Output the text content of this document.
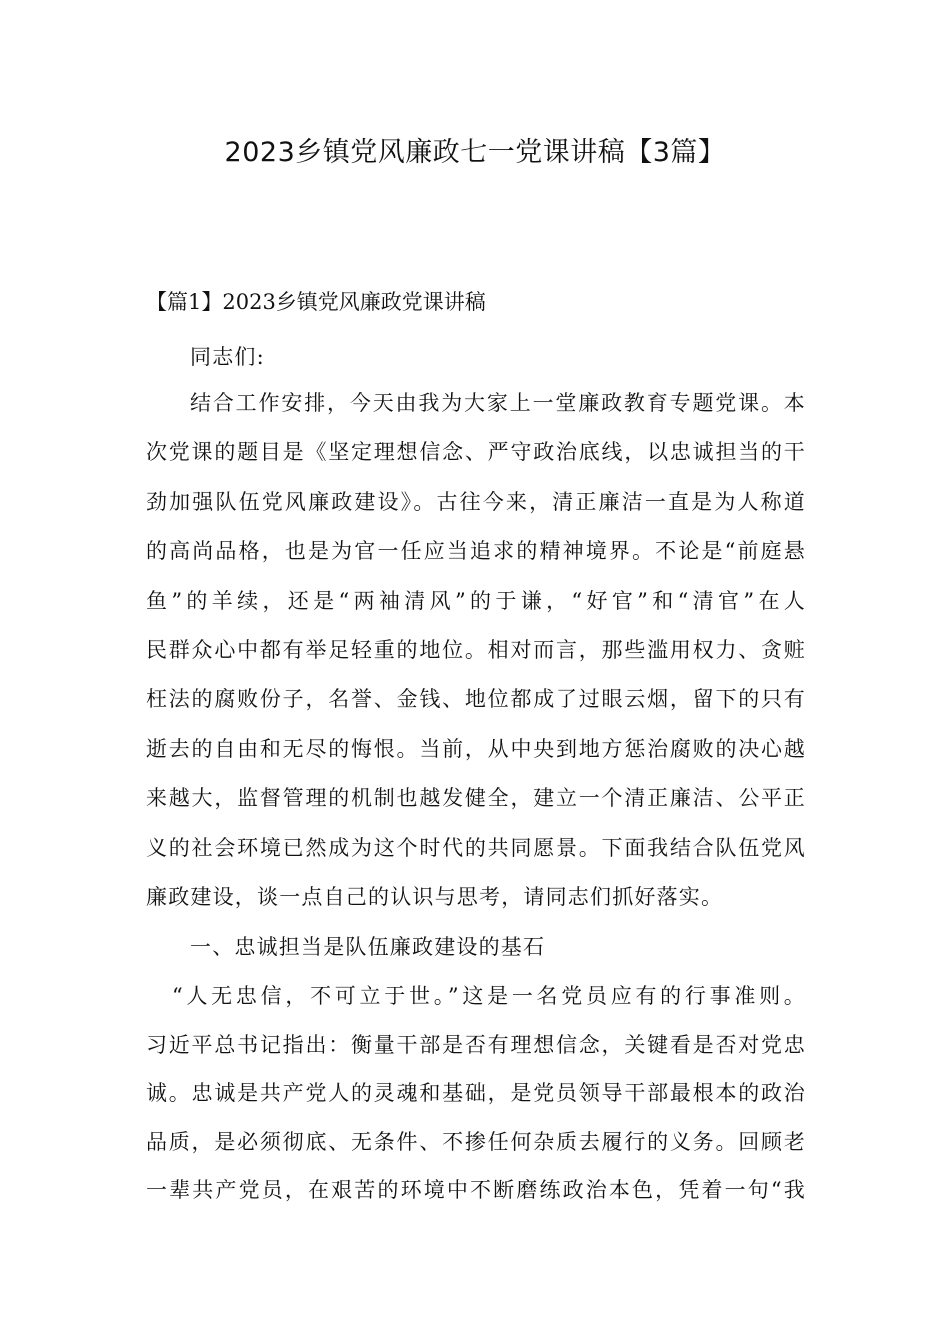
2023乡镇党风廉政七一党课讲稿【3篇】
【篇1】2023乡镇党风廉政党课讲稿
同志们:
结合工作安排，今天由我为大家上一堂廉政教育专题党课。本
次党课的题目是《坚定理想信念、严守政治底线，以忠诚担当的干
劲加强队伍党风廉政建设》。古往今来，清正廉洁一直是为人称道
的高尚品格，也是为官一任应当追求的精神境界。不论是“前庭悬
鱼”的羊续，还是“两袖清风”的于谦，“好官”和“清官”在人
民群众心中都有举足轻重的地位。相对而言，那些滥用权力、贪赃
枉法的腐败份子，名誉、金钱、地位都成了过眼云烟，留下的只有
逝去的自由和无尽的悔恨。当前，从中央到地方惩治腐败的决心越
来越大，监督管理的机制也越发健全，建立一个清正廉洁、公平正
义的社会环境已然成为这个时代的共同愿景。下面我结合队伍党风
廉政建设，谈一点自己的认识与思考，请同志们抓好落实。
一、忠诚担当是队伍廉政建设的基石
“人无忠信，不可立于世。”这是一名党员应有的行事准则。
习近平总书记指出：衡量干部是否有理想信念，关键看是否对党忠
诚。忠诚是共产党人的灵魂和基础，是党员领导干部最根本的政治
品质，是必须彻底、无条件、不掺任何杂质去履行的义务。回顾老
一辈共产党员，在艰苦的环境中不断磨练政治本色，凭着一句“我
